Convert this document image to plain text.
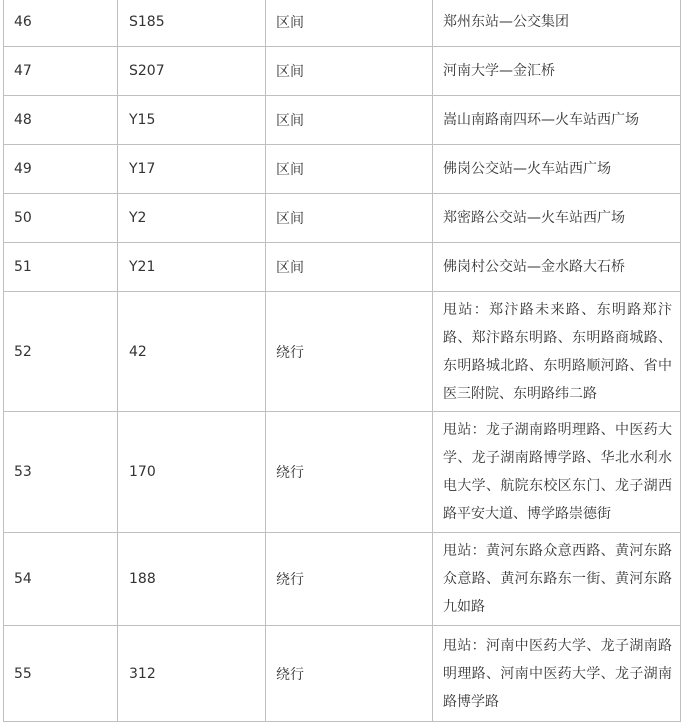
46	S185	区间	郑州东站—公交集团
47	S207	区间	河南大学—金汇桥
48	Y15	区间	嵩山南路南四环—火车站西广场
49	Y17	区间	佛岗公交站—火车站西广场
50	Y2	区间	郑密路公交站—火车站西广场
51	Y21	区间	佛岗村公交站—金水路大石桥
52	42	绕行	甩站：郑汴路未来路、东明路郑汴路、郑汴路东明路、东明路商城路、东明路城北路、东明路顺河路、省中医三附院、东明路纬二路
53	170	绕行	甩站：龙子湖南路明理路、中医药大学、龙子湖南路博学路、华北水利水电大学、航院东校区东门、龙子湖西路平安大道、博学路崇德街
54	188	绕行	甩站：黄河东路众意西路、黄河东路众意路、黄河东路东一街、黄河东路九如路
55	312	绕行	甩站：河南中医药大学、龙子湖南路明理路、河南中医药大学、龙子湖南路博学路
